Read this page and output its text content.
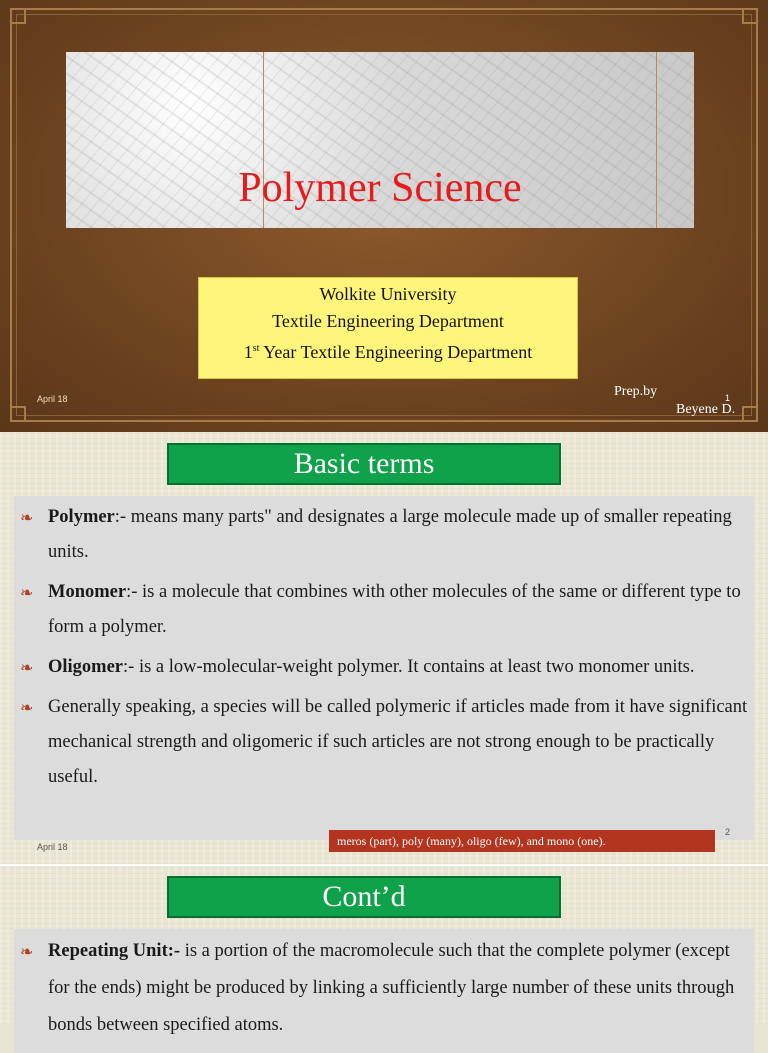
Polymer Science
Wolkite University
Textile Engineering Department
1st Year Textile Engineering Department
April 18	Prep.by	1
Beyene D.
Basic terms
❧ Polymer:- means many parts" and designates a large molecule made up of smaller repeating units.
❧ Monomer:- is a molecule that combines with other molecules of the same or different type to form a polymer.
❧ Oligomer:- is a low-molecular-weight polymer. It contains at least two monomer units.
❧ Generally speaking, a species will be called polymeric if articles made from it have significant mechanical strength and oligomeric if such articles are not strong enough to be practically useful.
meros (part), poly (many), oligo (few), and mono (one).
2
April 18
Cont’d
❧ Repeating Unit:- is a portion of the macromolecule such that the complete polymer (except for the ends) might be produced by linking a sufficiently large number of these units through bonds between specified atoms.
